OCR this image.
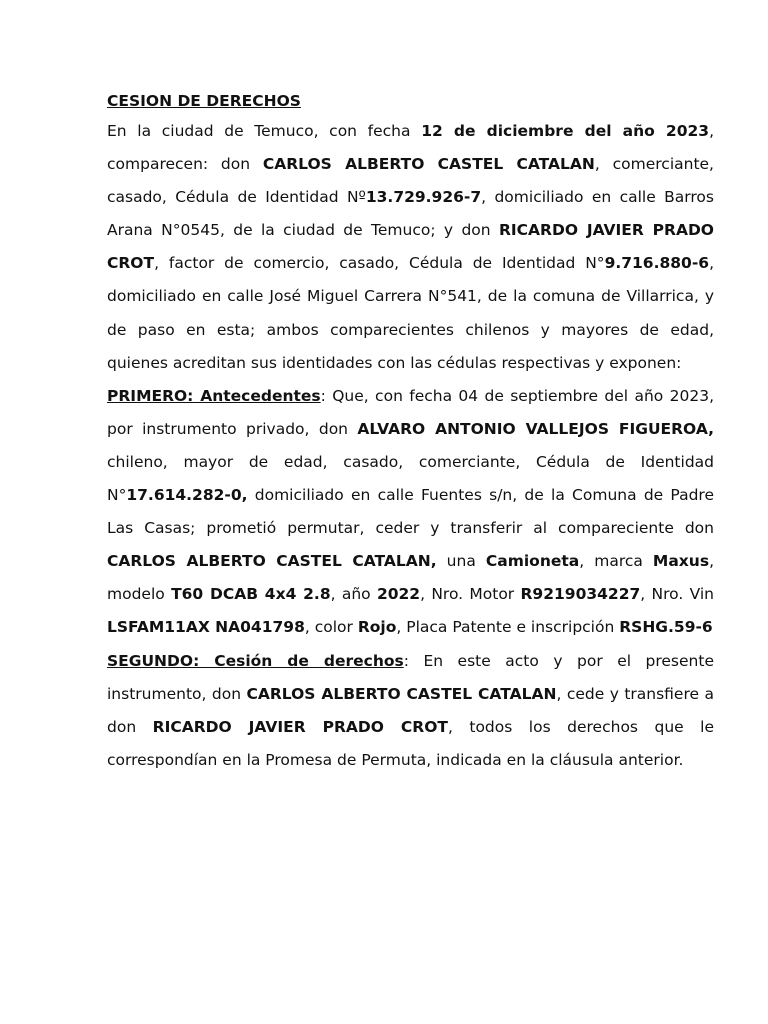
CESION DE DERECHOS

En la ciudad de Temuco, con fecha 12 de diciembre del año 2023, comparecen: don CARLOS ALBERTO CASTEL CATALAN, comerciante, casado, Cédula de Identidad Nº13.729.926-7, domiciliado en calle Barros Arana N°0545, de la ciudad de Temuco; y don RICARDO JAVIER PRADO CROT, factor de comercio, casado, Cédula de Identidad N°9.716.880-6, domiciliado en calle José Miguel Carrera N°541, de la comuna de Villarrica, y de paso en esta; ambos comparecientes chilenos y mayores de edad, quienes acreditan sus identidades con las cédulas respectivas y exponen:

PRIMERO: Antecedentes: Que, con fecha 04 de septiembre del año 2023, por instrumento privado, don ALVARO ANTONIO VALLEJOS FIGUEROA, chileno, mayor de edad, casado, comerciante, Cédula de Identidad N°17.614.282-0, domiciliado en calle Fuentes s/n, de la Comuna de Padre Las Casas; prometió permutar, ceder y transferir al compareciente don CARLOS ALBERTO CASTEL CATALAN, una Camioneta, marca Maxus, modelo T60 DCAB 4x4 2.8, año 2022, Nro. Motor R9219034227, Nro. Vin LSFAM11AX NA041798, color Rojo, Placa Patente e inscripción RSHG.59-6

SEGUNDO: Cesión de derechos: En este acto y por el presente instrumento, don CARLOS ALBERTO CASTEL CATALAN, cede y transfiere a don RICARDO JAVIER PRADO CROT, todos los derechos que le correspondían en la Promesa de Permuta, indicada en la cláusula anterior.
